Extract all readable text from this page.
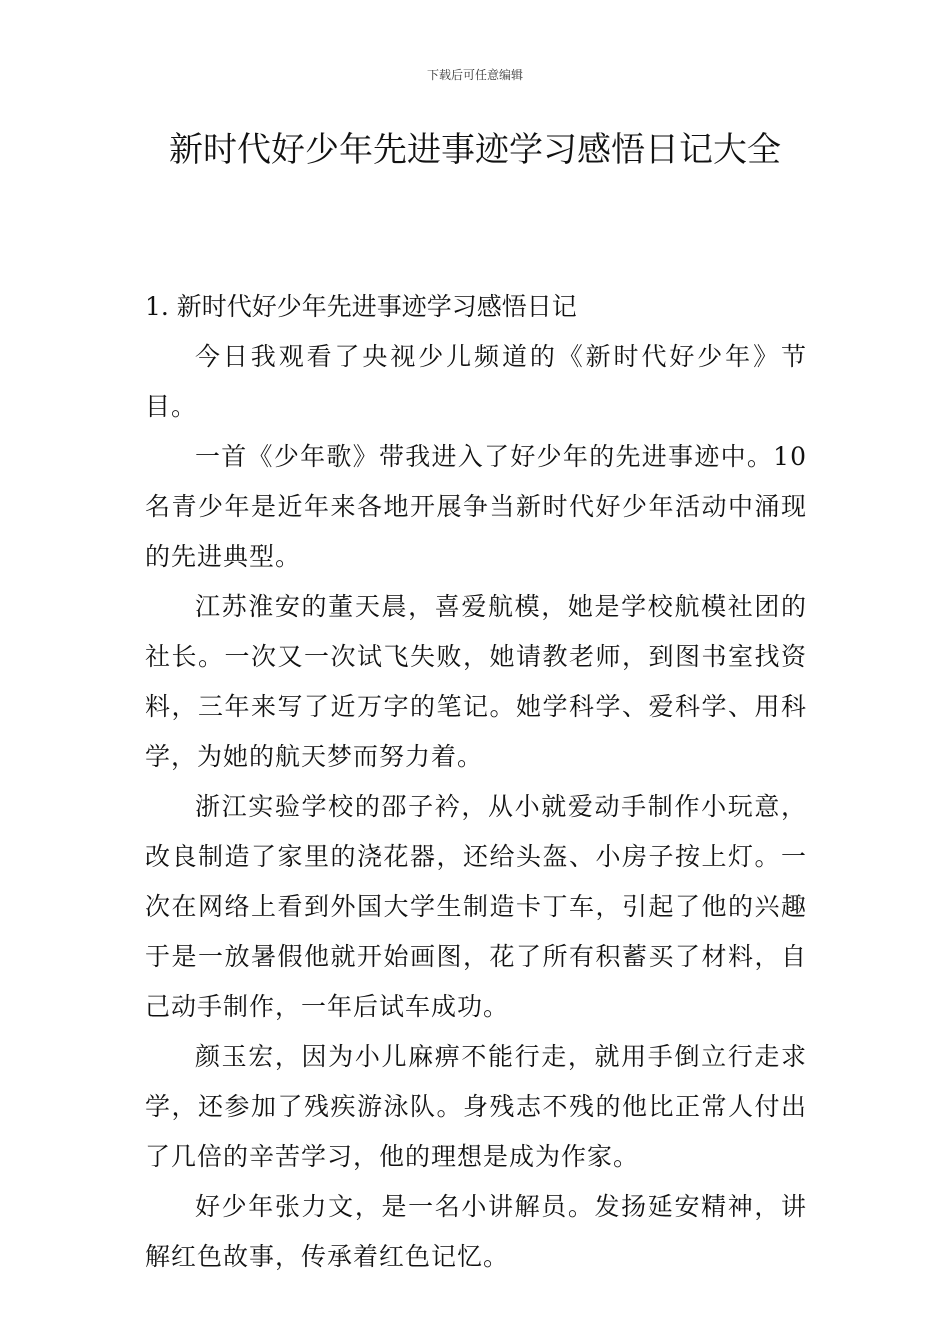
下载后可任意编辑
新时代好少年先进事迹学习感悟日记大全

1. 新时代好少年先进事迹学习感悟日记

今日我观看了央视少儿频道的《新时代好少年》节目。

一首《少年歌》带我进入了好少年的先进事迹中。10名青少年是近年来各地开展争当新时代好少年活动中涌现的先进典型。

江苏淮安的董天晨，喜爱航模，她是学校航模社团的社长。一次又一次试飞失败，她请教老师，到图书室找资料，三年来写了近万字的笔记。她学科学、爱科学、用科学，为她的航天梦而努力着。

浙江实验学校的邵子衿，从小就爱动手制作小玩意，改良制造了家里的浇花器，还给头盔、小房子按上灯。一次在网络上看到外国大学生制造卡丁车，引起了他的兴趣于是一放暑假他就开始画图，花了所有积蓄买了材料，自己动手制作，一年后试车成功。

颜玉宏，因为小儿麻痹不能行走，就用手倒立行走求学，还参加了残疾游泳队。身残志不残的他比正常人付出了几倍的辛苦学习，他的理想是成为作家。

好少年张力文，是一名小讲解员。发扬延安精神，讲解红色故事，传承着红色记忆。
